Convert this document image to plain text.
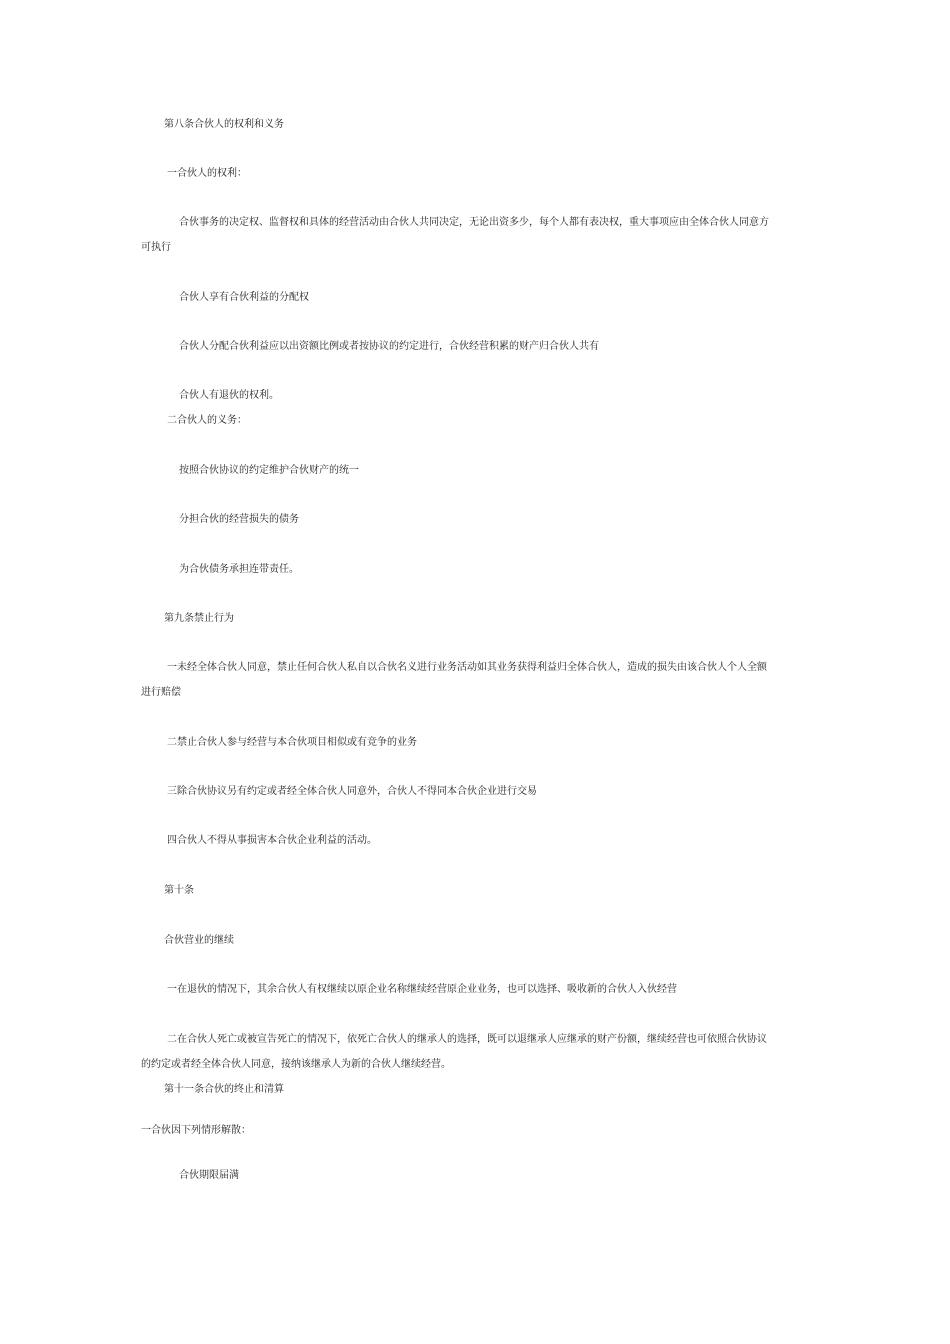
第八条合伙人的权利和义务

一合伙人的权利：

合伙事务的决定权、监督权和具体的经营活动由合伙人共同决定，无论出资多少，每个人都有表决权，重大事项应由全体合伙人同意方

可执行

合伙人享有合伙利益的分配权

合伙人分配合伙利益应以出资额比例或者按协议的约定进行，合伙经营积累的财产归合伙人共有

合伙人有退伙的权利。

二合伙人的义务：

按照合伙协议的约定维护合伙财产的统一

分担合伙的经营损失的债务

为合伙债务承担连带责任。

第九条禁止行为

一未经全体合伙人同意，禁止任何合伙人私自以合伙名义进行业务活动如其业务获得利益归全体合伙人，造成的损失由该合伙人个人全额

进行赔偿

二禁止合伙人参与经营与本合伙项目相似或有竞争的业务

三除合伙协议另有约定或者经全体合伙人同意外，合伙人不得同本合伙企业进行交易

四合伙人不得从事损害本合伙企业利益的活动。

第十条

合伙营业的继续

一在退伙的情况下，其余合伙人有权继续以原企业名称继续经营原企业业务，也可以选择、吸收新的合伙人入伙经营

二在合伙人死亡或被宣告死亡的情况下，依死亡合伙人的继承人的选择，既可以退继承人应继承的财产份额，继续经营也可依照合伙协议

的约定或者经全体合伙人同意，接纳该继承人为新的合伙人继续经营。

第十一条合伙的终止和清算

一合伙因下列情形解散：

合伙期限届满
